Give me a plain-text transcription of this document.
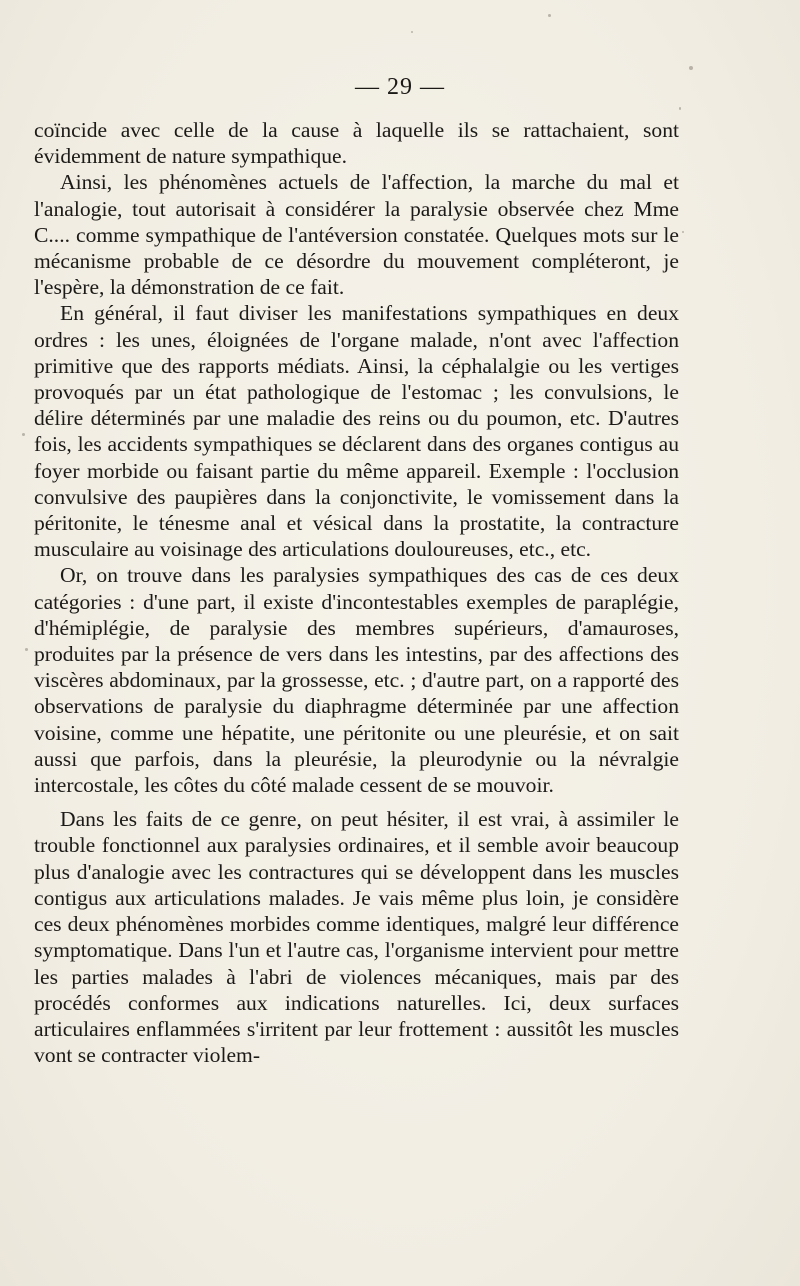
— 29 —

coïncide avec celle de la cause à laquelle ils se rattachaient, sont évidemment de nature sympathique.

Ainsi, les phénomènes actuels de l'affection, la marche du mal et l'analogie, tout autorisait à considérer la paralysie observée chez Mme C.... comme sympathique de l'antéversion constatée. Quelques mots sur le mécanisme probable de ce désordre du mouvement compléteront, je l'espère, la démonstration de ce fait.

En général, il faut diviser les manifestations sympathiques en deux ordres : les unes, éloignées de l'organe malade, n'ont avec l'affection primitive que des rapports médiats. Ainsi, la céphalalgie ou les vertiges provoqués par un état pathologique de l'estomac ; les convulsions, le délire déterminés par une maladie des reins ou du poumon, etc. D'autres fois, les accidents sympathiques se déclarent dans des organes contigus au foyer morbide ou faisant partie du même appareil. Exemple : l'occlusion convulsive des paupières dans la conjonctivite, le vomissement dans la péritonite, le ténesme anal et vésical dans la prostatite, la contracture musculaire au voisinage des articulations douloureuses, etc., etc.

Or, on trouve dans les paralysies sympathiques des cas de ces deux catégories : d'une part, il existe d'incontestables exemples de paraplégie, d'hémiplégie, de paralysie des membres supérieurs, d'amauroses, produites par la présence de vers dans les intestins, par des affections des viscères abdominaux, par la grossesse, etc. ; d'autre part, on a rapporté des observations de paralysie du diaphragme déterminée par une affection voisine, comme une hépatite, une péritonite ou une pleurésie, et on sait aussi que parfois, dans la pleurésie, la pleurodynie ou la névralgie intercostale, les côtes du côté malade cessent de se mouvoir.

Dans les faits de ce genre, on peut hésiter, il est vrai, à assimiler le trouble fonctionnel aux paralysies ordinaires, et il semble avoir beaucoup plus d'analogie avec les contractures qui se développent dans les muscles contigus aux articulations malades. Je vais même plus loin, je considère ces deux phénomènes morbides comme identiques, malgré leur différence symptomatique. Dans l'un et l'autre cas, l'organisme intervient pour mettre les parties malades à l'abri de violences mécaniques, mais par des procédés conformes aux indications naturelles. Ici, deux surfaces articulaires enflammées s'irritent par leur frottement : aussitôt les muscles vont se contracter violem-
